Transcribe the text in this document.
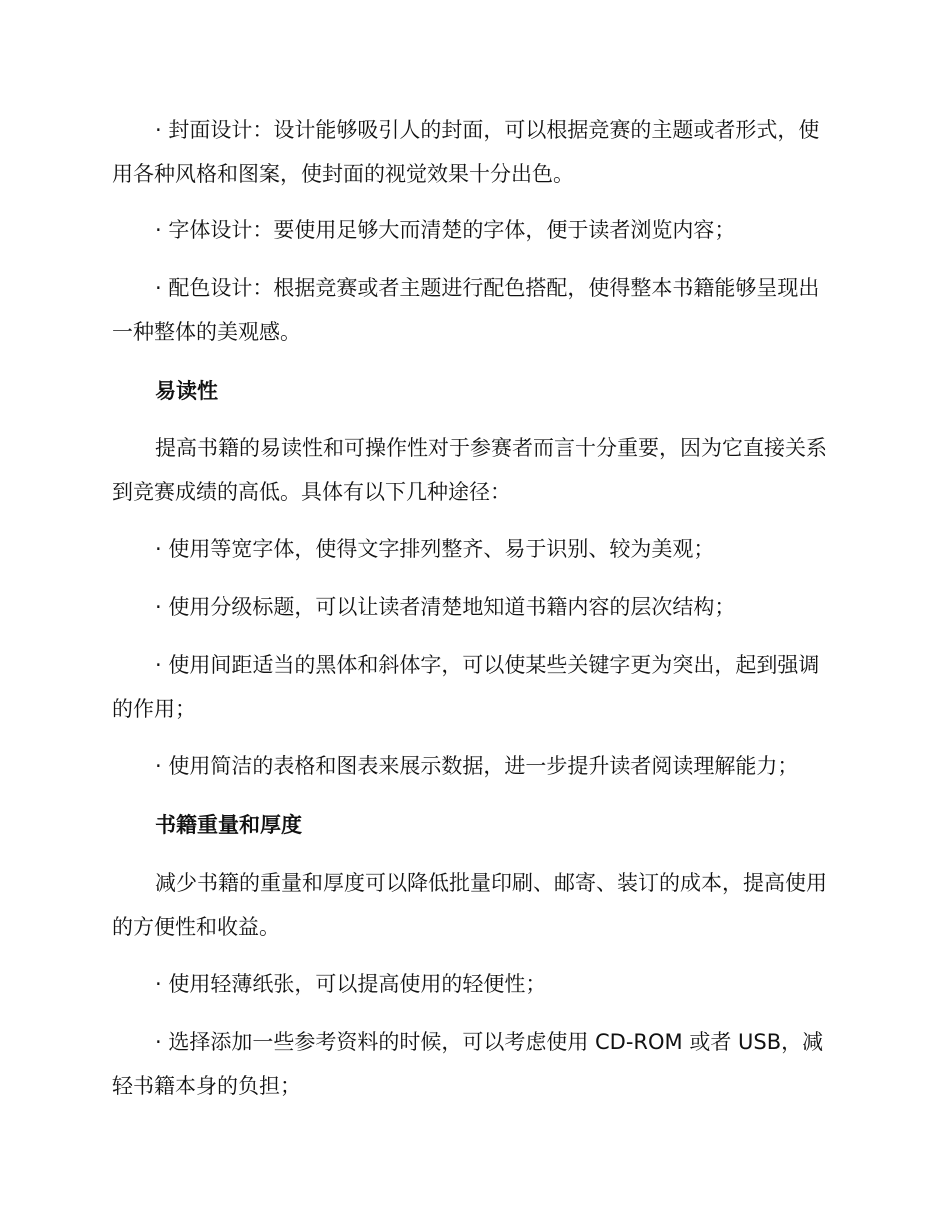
· 封面设计：设计能够吸引人的封面，可以根据竞赛的主题或者形式，使用各种风格和图案，使封面的视觉效果十分出色。

· 字体设计：要使用足够大而清楚的字体，便于读者浏览内容；

· 配色设计：根据竞赛或者主题进行配色搭配，使得整本书籍能够呈现出一种整体的美观感。

易读性

提高书籍的易读性和可操作性对于参赛者而言十分重要，因为它直接关系到竞赛成绩的高低。具体有以下几种途径：

· 使用等宽字体，使得文字排列整齐、易于识别、较为美观；

· 使用分级标题，可以让读者清楚地知道书籍内容的层次结构；

· 使用间距适当的黑体和斜体字，可以使某些关键字更为突出，起到强调的作用；

· 使用简洁的表格和图表来展示数据，进一步提升读者阅读理解能力；

书籍重量和厚度

减少书籍的重量和厚度可以降低批量印刷、邮寄、装订的成本，提高使用的方便性和收益。

· 使用轻薄纸张，可以提高使用的轻便性；

· 选择添加一些参考资料的时候，可以考虑使用 CD-ROM 或者 USB，减轻书籍本身的负担；
